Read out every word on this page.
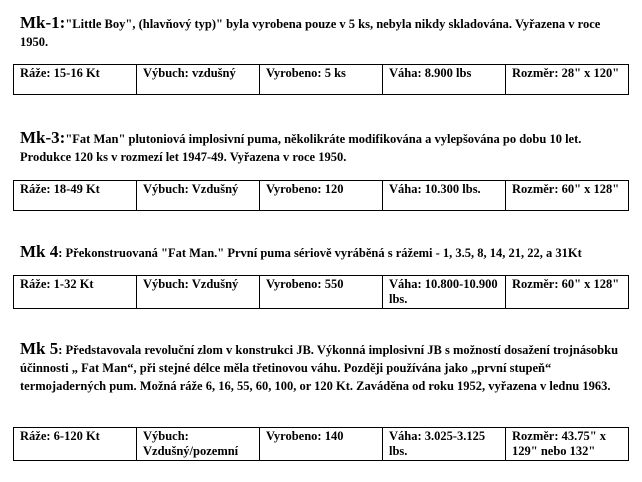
Mk-1:"Little Boy", (hlavňový typ)" byla vyrobena pouze v 5 ks, nebyla nikdy skladována. Vyřazena v roce 1950.

Ráže: 15-16 Kt	Výbuch: vzdušný	Vyrobeno: 5 ks	Váha: 8.900 lbs	Rozměr: 28" x 120"

Mk-3:"Fat Man" plutoniová implosivní puma, několikráte modifikována a vylepšována po dobu 10 let. Produkce 120 ks v rozmezí let 1947-49. Vyřazena v roce 1950.

Ráže: 18-49 Kt	Výbuch: Vzdušný	Vyrobeno: 120	Váha: 10.300 lbs.	Rozměr: 60" x 128"

Mk 4: Překonstruovaná "Fat Man." První puma sériově vyráběná s rážemi - 1, 3.5, 8, 14, 21, 22, a 31Kt

Ráže: 1-32 Kt	Výbuch: Vzdušný	Vyrobeno: 550	Váha: 10.800-10.900 lbs.	Rozměr: 60" x 128"

Mk 5: Představovala revoluční zlom v konstrukci JB. Výkonná implosivní JB s možností dosažení trojnásobku účinnosti „ Fat Man“, při stejné délce měla třetinovou váhu. Později používána jako „první stupeň“ termojaderných pum. Možná ráže 6, 16, 55, 60, 100, or 120 Kt. Zaváděna od roku 1952, vyřazena v lednu 1963.

Ráže: 6-120 Kt	Výbuch: Vzdušný/pozemní	Vyrobeno: 140	Váha: 3.025-3.125 lbs.	Rozměr: 43.75" x 129" nebo 132"
